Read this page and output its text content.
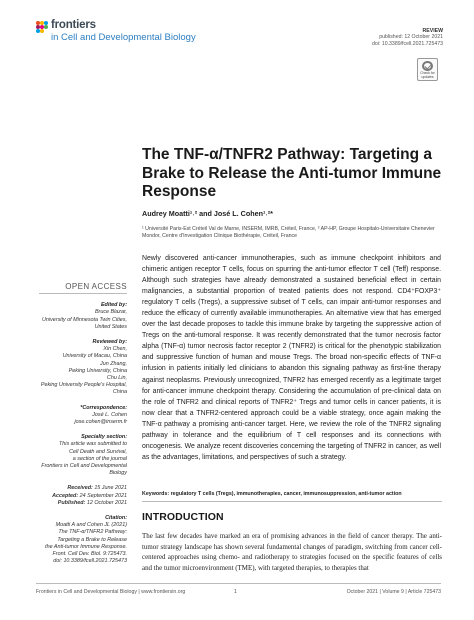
frontiers
in Cell and Developmental Biology
REVIEW
published: 12 October 2021
doi: 10.3389/fcell.2021.725473
Check for
updates
The TNF-α/TNFR2 Pathway: Targeting a Brake to Release the Anti-tumor Immune Response
Audrey Moatti¹˒² and José L. Cohen¹˒²*
¹ Université Paris-Est Créteil Val de Marne, INSERM, IMRB, Créteil, France, ² AP-HP, Groupe Hospitalo-Universitaire Chenevier Mondor, Centre d'Investigation Clinique Biothérapie, Créteil, France

Newly discovered anti-cancer immunotherapies, such as immune checkpoint inhibitors and chimeric antigen receptor T cells, focus on spurring the anti-tumor effector T cell (Teff) response. Although such strategies have already demonstrated a sustained beneficial effect in certain malignancies, a substantial proportion of treated patients does not respond. CD4⁺FOXP3⁺ regulatory T cells (Tregs), a suppressive subset of T cells, can impair anti-tumor responses and reduce the efficacy of currently available immunotherapies. An alternative view that has emerged over the last decade proposes to tackle this immune brake by targeting the suppressive action of Tregs on the anti-tumoral response. It was recently demonstrated that the tumor necrosis factor alpha (TNF-α) tumor necrosis factor receptor 2 (TNFR2) is critical for the phenotypic stabilization and suppressive function of human and mouse Tregs. The broad non-specific effects of TNF-α infusion in patients initially led clinicians to abandon this signaling pathway as first-line therapy against neoplasms. Previously unrecognized, TNFR2 has emerged recently as a legitimate target for anti-cancer immune checkpoint therapy. Considering the accumulation of pre-clinical data on the role of TNFR2 and clinical reports of TNFR2⁺ Tregs and tumor cells in cancer patients, it is now clear that a TNFR2-centered approach could be a viable strategy, once again making the TNF-α pathway a promising anti-cancer target. Here, we review the role of the TNFR2 signaling pathway in tolerance and the equilibrium of T cell responses and its connections with oncogenesis. We analyze recent discoveries concerning the targeting of TNFR2 in cancer, as well as the advantages, limitations, and perspectives of such a strategy.

Keywords: regulatory T cells (Tregs), immunotherapies, cancer, immunosuppression, anti-tumor action
INTRODUCTION

The last few decades have marked an era of promising advances in the field of cancer therapy. The anti-tumor strategy landscape has shown several fundamental changes of paradigm, switching from cancer cell-centered approaches using chemo- and radiotherapy to strategies focused on the specific features of cells and the tumor microenvironment (TME), with targeted therapies, to therapies that

OPEN ACCESS
Edited by:
Bruce Blazar,
University of Minnesota Twin Cities,
United States
Reviewed by:
Xin Chen,
University of Macau, China
Jun Zhang,
Peking University, China
Chu Lin,
Peking University People's Hospital,
China
*Correspondence:
José L. Cohen
jose.cohen@inserm.fr
Specialty section:
This article was submitted to
Cell Death and Survival,
a section of the journal
Frontiers in Cell and Developmental
Biology
Received: 15 June 2021
Accepted: 24 September 2021
Published: 12 October 2021
Citation:
Moatti A and Cohen JL (2021)
The TNF-α/TNFR2 Pathway:
Targeting a Brake to Release
the Anti-tumor Immune Response.
Front. Cell Dev. Biol. 9:725473.
doi: 10.3389/fcell.2021.725473
Frontiers in Cell and Developmental Biology | www.frontiersin.org	1	October 2021 | Volume 9 | Article 725473
